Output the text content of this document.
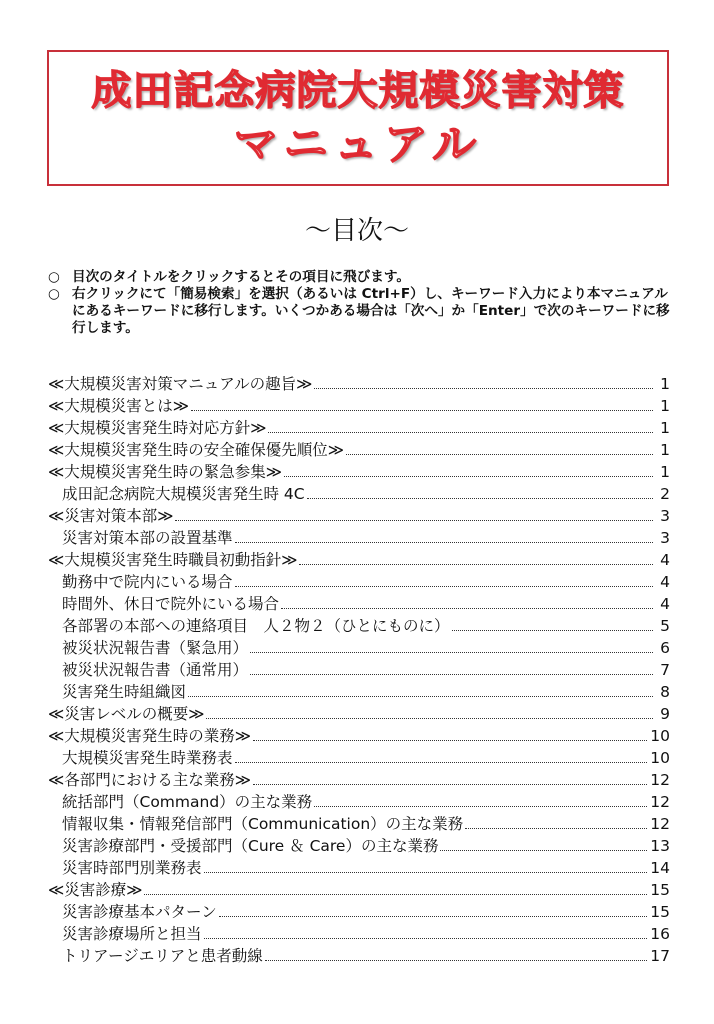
成田記念病院大規模災害対策
マニュアル
〜目次〜
○ 目次のタイトルをクリックするとその項目に飛びます。
○ 右クリックにて「簡易検索」を選択（あるいは Ctrl+F）し、キーワード入力により本マニュアルにあるキーワードに移行します。いくつかある場合は「次へ」か「Enter」で次のキーワードに移行します。
≪大規模災害対策マニュアルの趣旨≫	1
≪大規模災害とは≫	1
≪大規模災害発生時対応方針≫	1
≪大規模災害発生時の安全確保優先順位≫	1
≪大規模災害発生時の緊急参集≫	1
成田記念病院大規模災害発生時 4C	2
≪災害対策本部≫	3
災害対策本部の設置基準	3
≪大規模災害発生時職員初動指針≫	4
勤務中で院内にいる場合	4
時間外、休日で院外にいる場合	4
各部署の本部への連絡項目　人２物２（ひとにものに）	5
被災状況報告書（緊急用）	6
被災状況報告書（通常用）	7
災害発生時組織図	8
≪災害レベルの概要≫	9
≪大規模災害発生時の業務≫	10
大規模災害発生時業務表	10
≪各部門における主な業務≫	12
統括部門（Command）の主な業務	12
情報収集・情報発信部門（Communication）の主な業務	12
災害診療部門・受援部門（Cure ＆ Care）の主な業務	13
災害時部門別業務表	14
≪災害診療≫	15
災害診療基本パターン	15
災害診療場所と担当	16
トリアージエリアと患者動線	17
